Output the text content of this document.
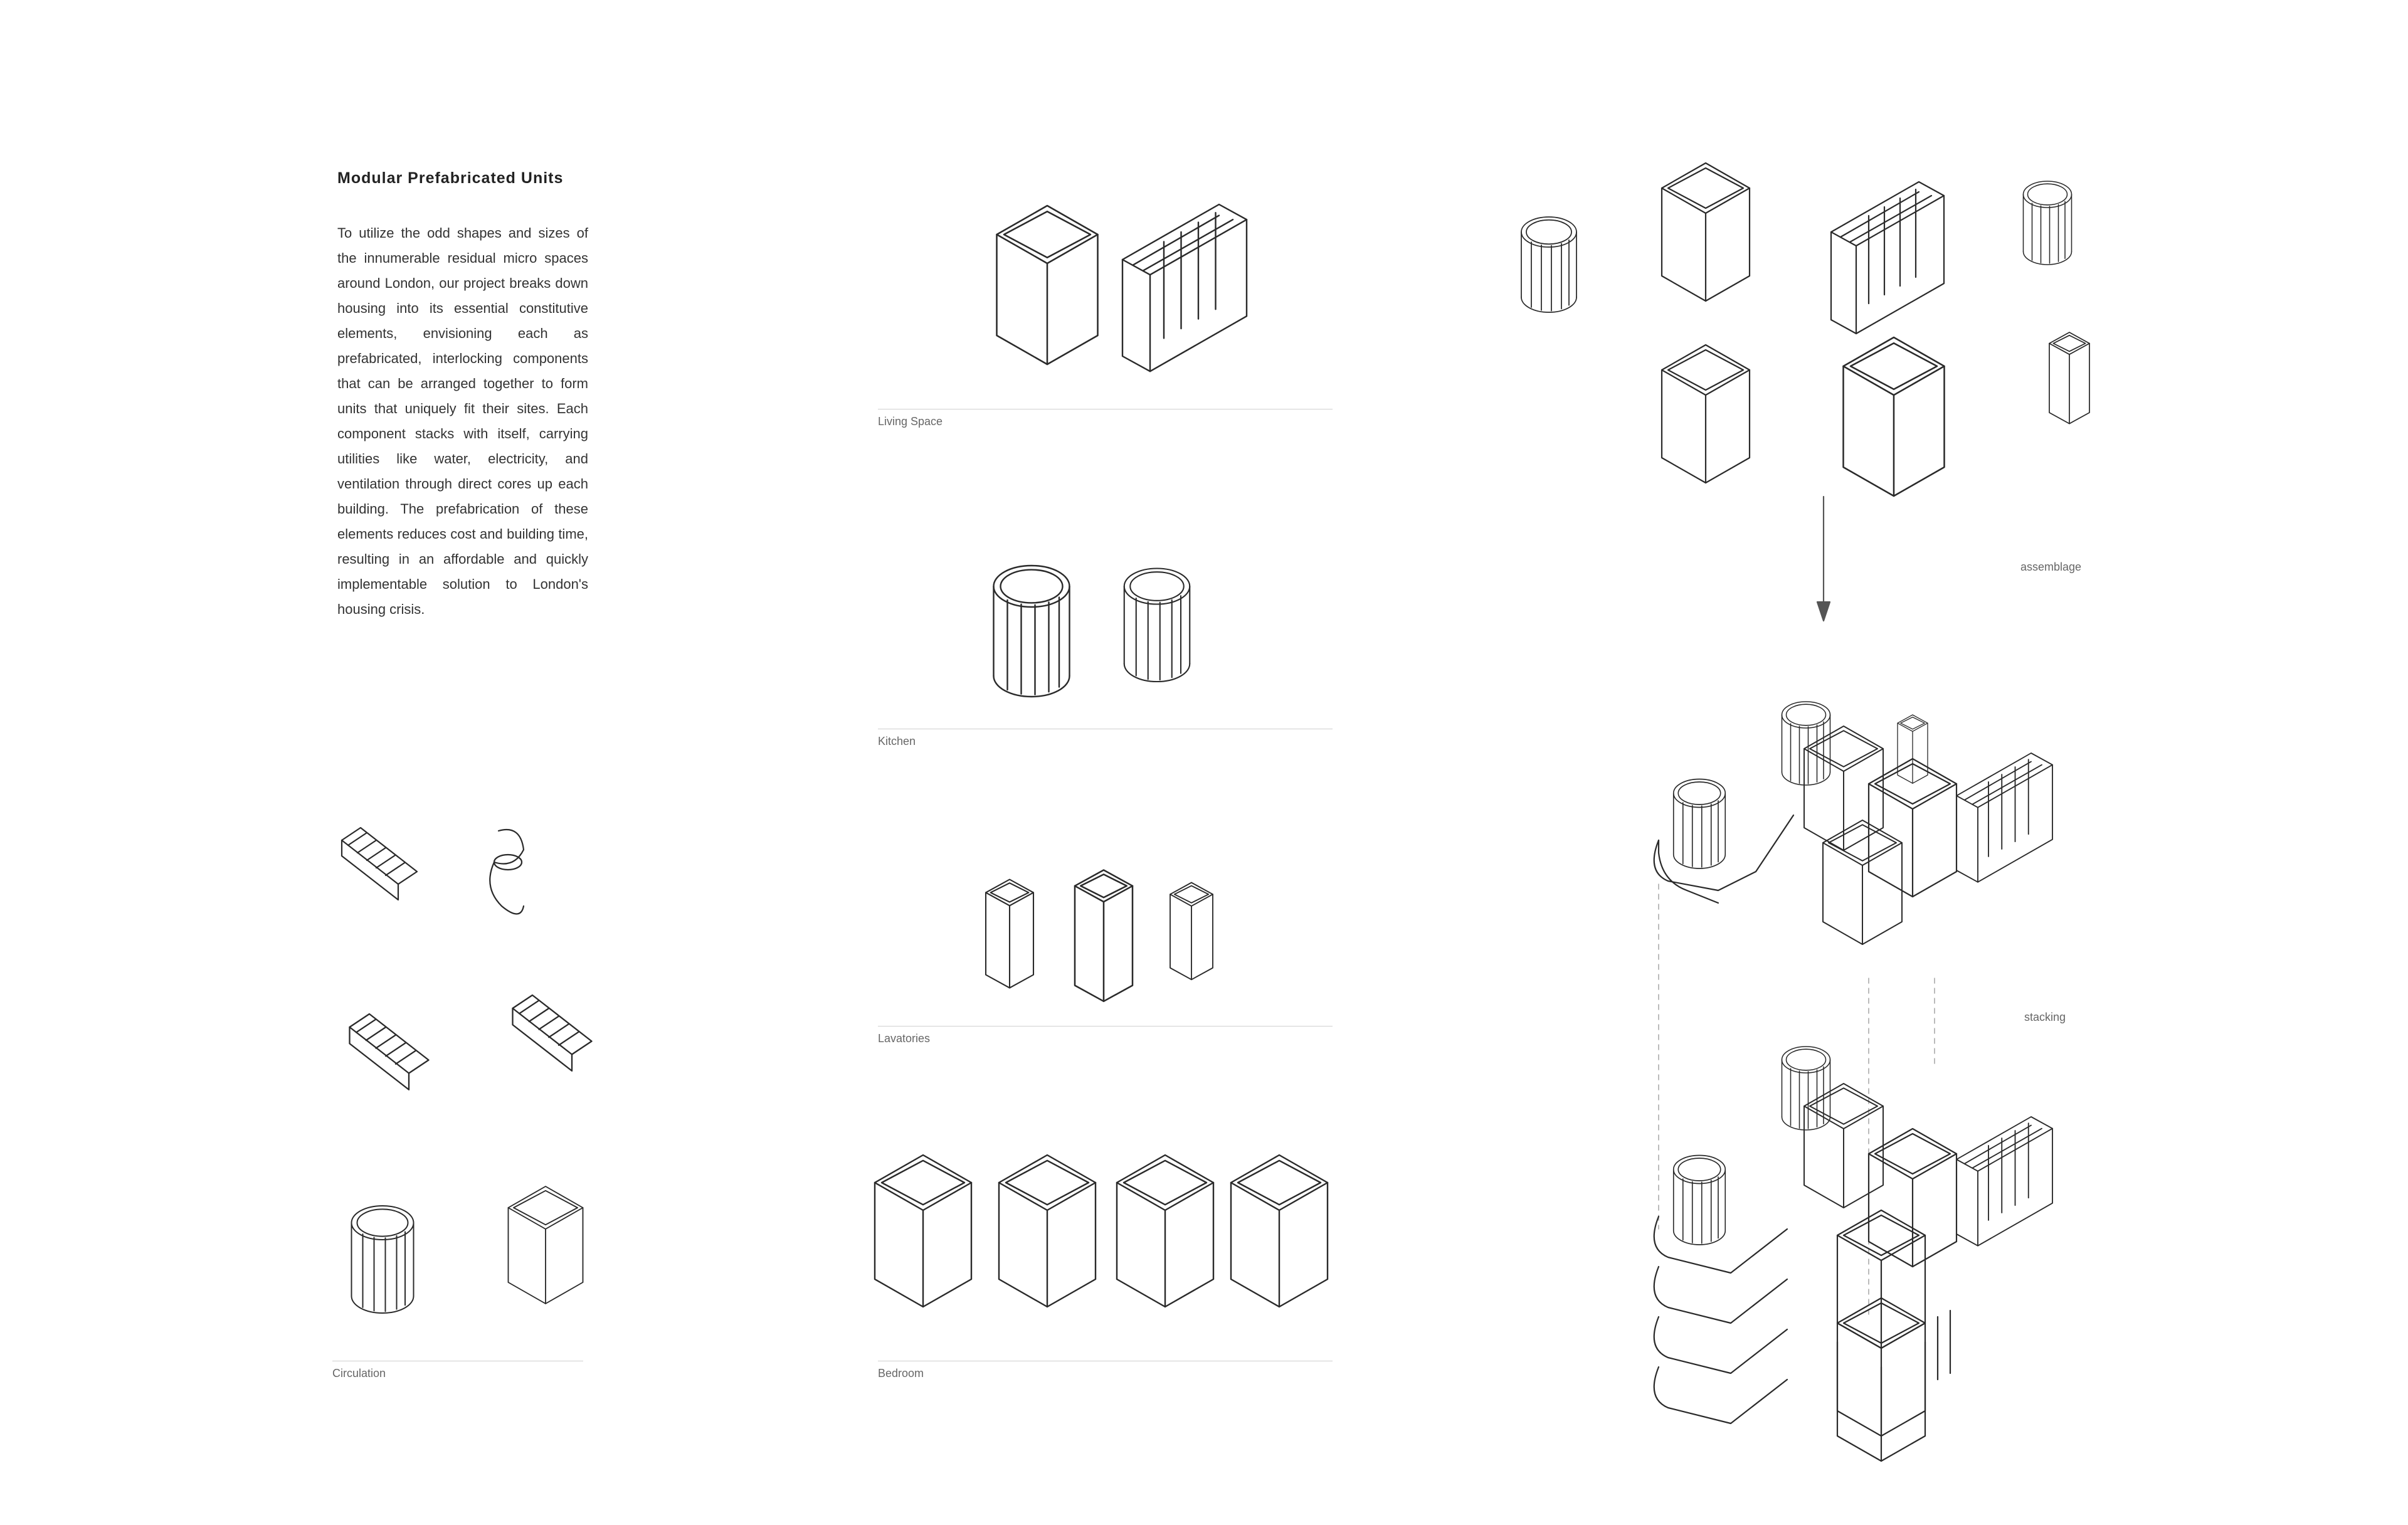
Modular Prefabricated Units
To utilize the odd shapes and sizes of the innumerable residual micro spaces around London, our project breaks down housing into its essential constitutive elements, envisioning each as prefabricated, interlocking components that can be arranged together to form units that uniquely fit their sites. Each component stacks with itself, carrying utilities like water, electricity, and ventilation through direct cores up each building. The prefabrication of these elements reduces cost and building time, resulting in an affordable and quickly implementable solution to London's housing crisis.
Living Space
Kitchen
Lavatories
Bedroom
Circulation
assemblage
stacking
